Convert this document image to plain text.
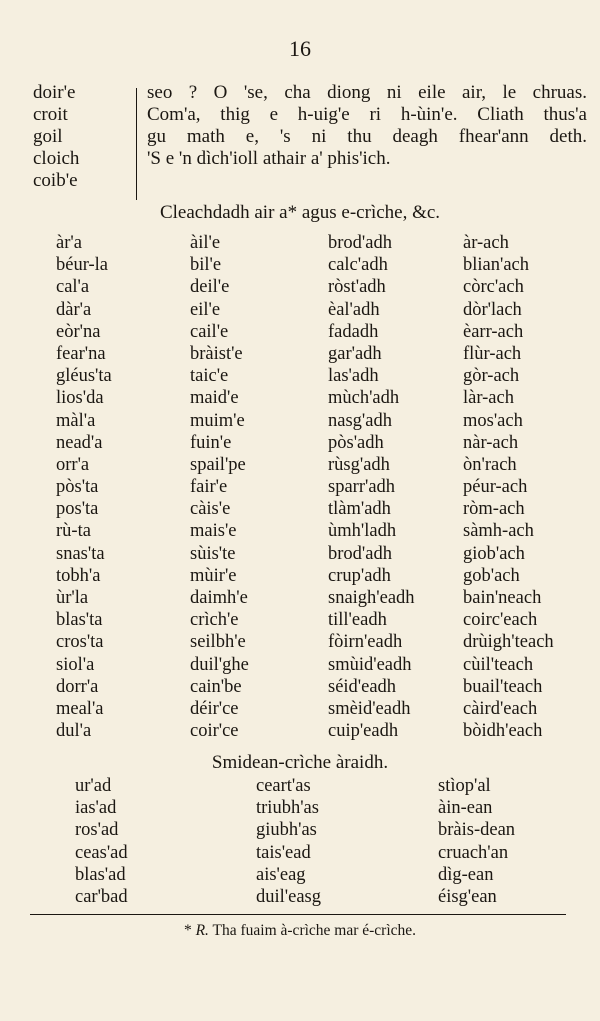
16
doir'e
croit
goil
cloich
coib'e
seo ? O 'se, cha diong ni eile air, le chruas.
Com'a, thig e h-uig'e ri h-ùin'e. Cliath thus'a
gu math e, 's ni thu deagh fhear'ann deth.
'S e 'n dìch'ioll athair a' phis'ich.
Cleachdadh air a* agus e-crìche, &c.
àr'a
béur-la
cal'a
dàr'a
eòr'na
fear'na
gléus'ta
lios'da
màl'a
nead'a
orr'a
pòs'ta
pos'ta
rù-ta
snas'ta
tobh'a
ùr'la
blas'ta
cros'ta
siol'a
dorr'a
meal'a
dul'a
àil'e
bil'e
deil'e
eil'e
cail'e
bràist'e
taic'e
maid'e
muim'e
fuin'e
spail'pe
fair'e
càis'e
mais'e
sùis'te
mùir'e
daimh'e
crìch'e
seilbh'e
duil'ghe
cain'be
déir'ce
coir'ce
brod'adh
calc'adh
ròst'adh
èal'adh
fadadh
gar'adh
las'adh
mùch'adh
nasg'adh
pòs'adh
rùsg'adh
sparr'adh
tlàm'adh
ùmh'ladh
brod'adh
crup'adh
snaigh'eadh
till'eadh
fòirn'eadh
smùid'eadh
séid'eadh
smèid'eadh
cuip'eadh
àr-ach
blian'ach
còrc'ach
dòr'lach
èarr-ach
flùr-ach
gòr-ach
làr-ach
mos'ach
nàr-ach
òn'rach
péur-ach
ròm-ach
sàmh-ach
giob'ach
gob'ach
bain'neach
coirc'each
drùigh'teach
cùil'teach
buail'teach
càird'each
bòidh'each
Smidean-crìche àraidh.
ur'ad
ias'ad
ros'ad
ceas'ad
blas'ad
car'bad
ceart'as
triubh'as
giubh'as
tais'ead
ais'eag
duil'easg
stìop'al
àin-ean
bràis-dean
cruach'an
dìg-ean
éisg'ean
* R. Tha fuaim à-crìche mar é-crìche.
